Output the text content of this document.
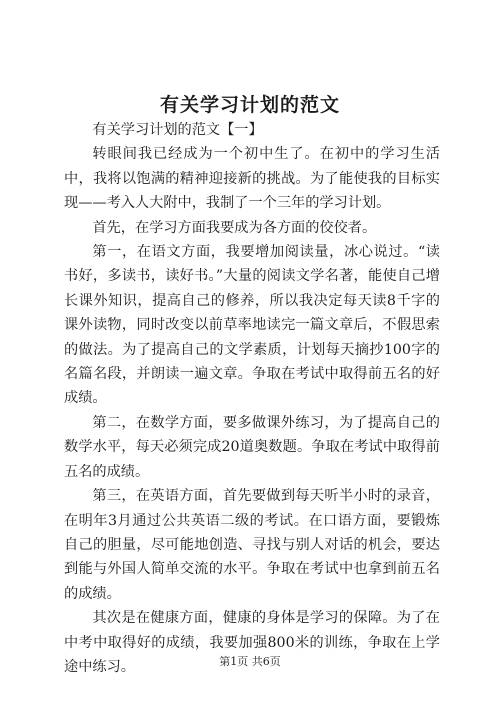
有关学习计划的范文

有关学习计划的范文【一】

转眼间我已经成为一个初中生了。在初中的学习生活中，我将以饱满的精神迎接新的挑战。为了能使我的目标实现——考入人大附中，我制了一个三年的学习计划。

首先，在学习方面我要成为各方面的佼佼者。

第一，在语文方面，我要增加阅读量，冰心说过。“读书好，多读书，读好书。”大量的阅读文学名著，能使自己增长课外知识，提高自己的修养，所以我决定每天读8千字的课外读物，同时改变以前草率地读完一篇文章后，不假思索的做法。为了提高自己的文学素质，计划每天摘抄100字的名篇名段，并朗读一遍文章。争取在考试中取得前五名的好成绩。

第二，在数学方面，要多做课外练习，为了提高自己的数学水平，每天必须完成20道奥数题。争取在考试中取得前五名的成绩。

第三，在英语方面，首先要做到每天听半小时的录音，在明年3月通过公共英语二级的考试。在口语方面，要锻炼自己的胆量，尽可能地创造、寻找与别人对话的机会，要达到能与外国人简单交流的水平。争取在考试中也拿到前五名的成绩。

其次是在健康方面，健康的身体是学习的保障。为了在中考中取得好的成绩，我要加强800米的训练，争取在上学途中练习。	第1页 共6页
